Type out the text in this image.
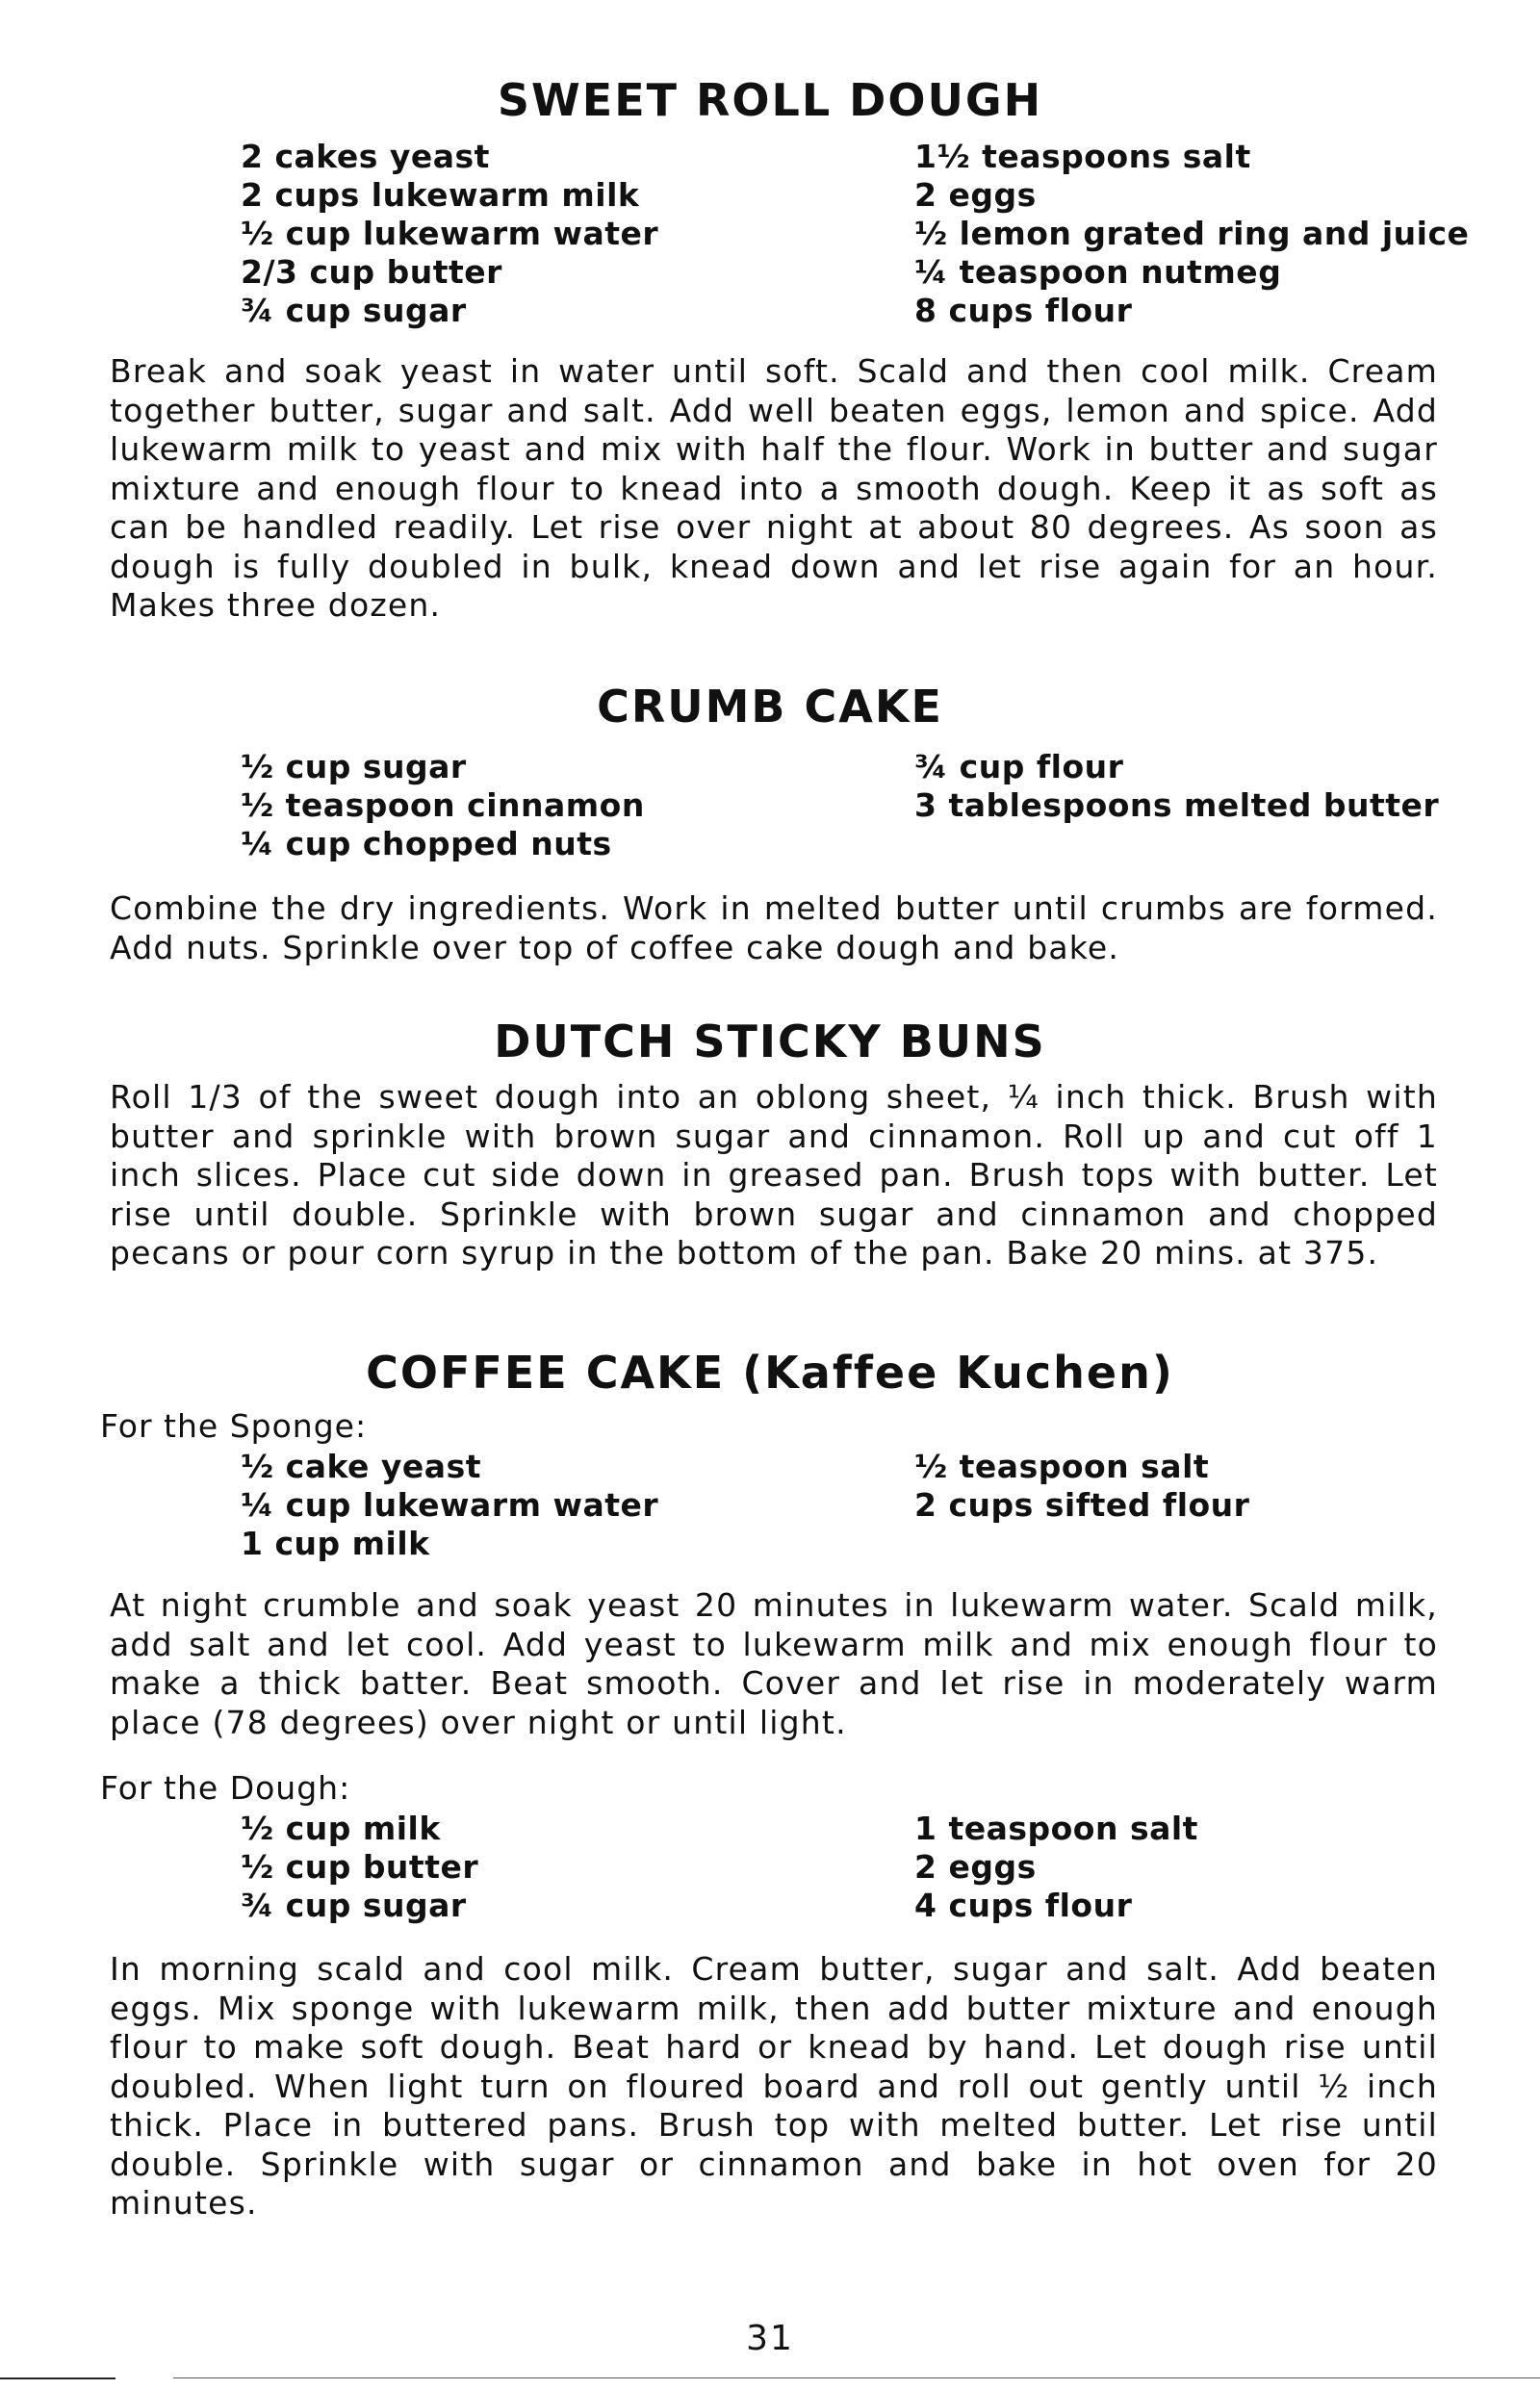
SWEET ROLL DOUGH
2 cakes yeast
2 cups lukewarm milk
½ cup lukewarm water
2/3 cup butter
¾ cup sugar
1½ teaspoons salt
2 eggs
½ lemon grated ring and juice
¼ teaspoon nutmeg
8 cups flour

Break and soak yeast in water until soft. Scald and then cool milk. Cream together butter, sugar and salt. Add well beaten eggs, lemon and spice. Add lukewarm milk to yeast and mix with half the flour. Work in butter and sugar mixture and enough flour to knead into a smooth dough. Keep it as soft as can be handled readily. Let rise over night at about 80 degrees. As soon as dough is fully doubled in bulk, knead down and let rise again for an hour. Makes three dozen.

CRUMB CAKE
½ cup sugar
½ teaspoon cinnamon
¼ cup chopped nuts
¾ cup flour
3 tablespoons melted butter

Combine the dry ingredients. Work in melted butter until crumbs are formed. Add nuts. Sprinkle over top of coffee cake dough and bake.

DUTCH STICKY BUNS

Roll 1/3 of the sweet dough into an oblong sheet, ¼ inch thick. Brush with butter and sprinkle with brown sugar and cinnamon. Roll up and cut off 1 inch slices. Place cut side down in greased pan. Brush tops with butter. Let rise until double. Sprinkle with brown sugar and cinnamon and chopped pecans or pour corn syrup in the bottom of the pan. Bake 20 mins. at 375.

COFFEE CAKE (Kaffee Kuchen)

For the Sponge:

½ cake yeast
¼ cup lukewarm water
1 cup milk
½ teaspoon salt
2 cups sifted flour

At night crumble and soak yeast 20 minutes in lukewarm water. Scald milk, add salt and let cool. Add yeast to lukewarm milk and mix enough flour to make a thick batter. Beat smooth. Cover and let rise in moderately warm place (78 degrees) over night or until light.

For the Dough:

½ cup milk
½ cup butter
¾ cup sugar
1 teaspoon salt
2 eggs
4 cups flour

In morning scald and cool milk. Cream butter, sugar and salt. Add beaten eggs. Mix sponge with lukewarm milk, then add butter mixture and enough flour to make soft dough. Beat hard or knead by hand. Let dough rise until doubled. When light turn on floured board and roll out gently until ½ inch thick. Place in buttered pans. Brush top with melted butter. Let rise until double. Sprinkle with sugar or cinnamon and bake in hot oven for 20 minutes.

31
